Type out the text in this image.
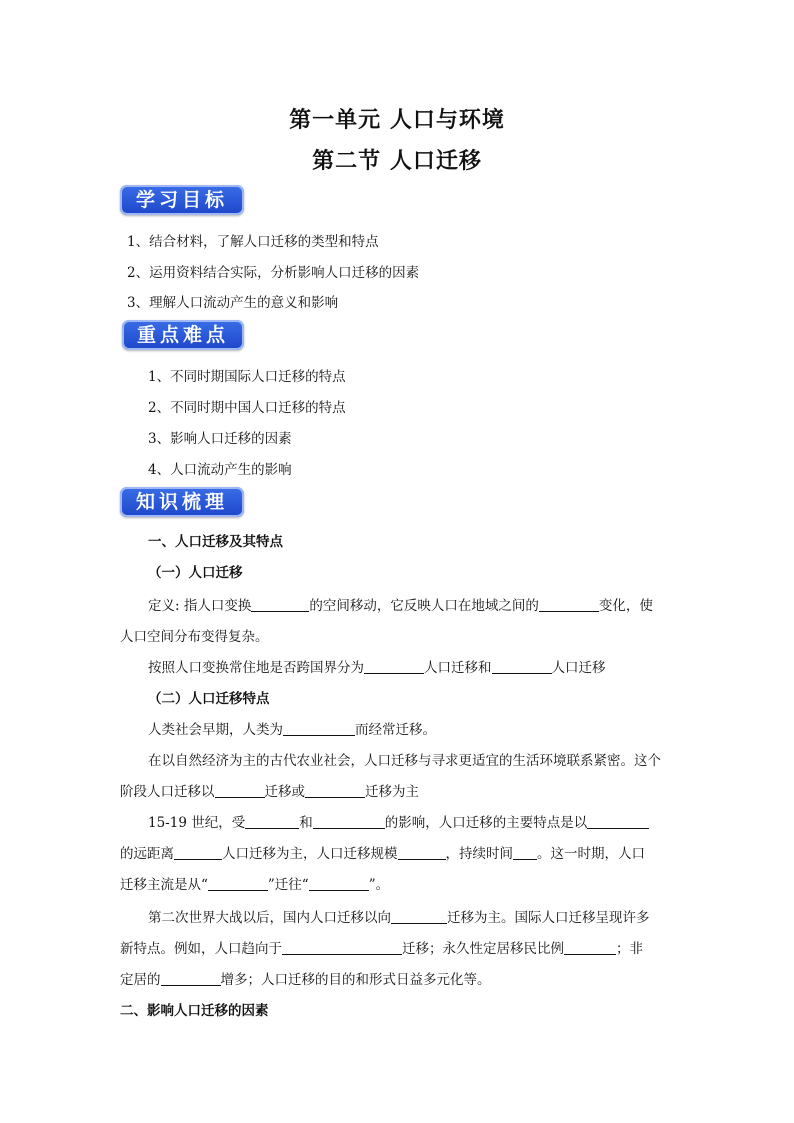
第一单元 人口与环境
第二节 人口迁移
学习目标
1、结合材料，了解人口迁移的类型和特点
2、运用资料结合实际，分析影响人口迁移的因素
3、理解人口流动产生的意义和影响
重点难点
1、不同时期国际人口迁移的特点
2、不同时期中国人口迁移的特点
3、影响人口迁移的因素
4、人口流动产生的影响
知识梳理
一、人口迁移及其特点
（一）人口迁移
定义: 指人口变换	的空间移动，它反映人口在地域之间的	变化，使
人口空间分布变得复杂。
按照人口变换常住地是否跨国界分为	人口迁移和	人口迁移
（二）人口迁移特点
人类社会早期，人类为	而经常迁移。
在以自然经济为主的古代农业社会，人口迁移与寻求更适宜的生活环境联系紧密。这个
阶段人口迁移以	迁移或	迁移为主
15-19 世纪，受	和	的影响，人口迁移的主要特点是以
的远距离	人口迁移为主，人口迁移规模	，持续时间 。这一时期，人口
迁移主流是从“	”迁往“	”。
第二次世界大战以后，国内人口迁移以向	迁移为主。国际人口迁移呈现许多
新特点。例如，人口趋向于	迁移；永久性定居移民比例	；非
定居的	增多；人口迁移的目的和形式日益多元化等。
二、影响人口迁移的因素
